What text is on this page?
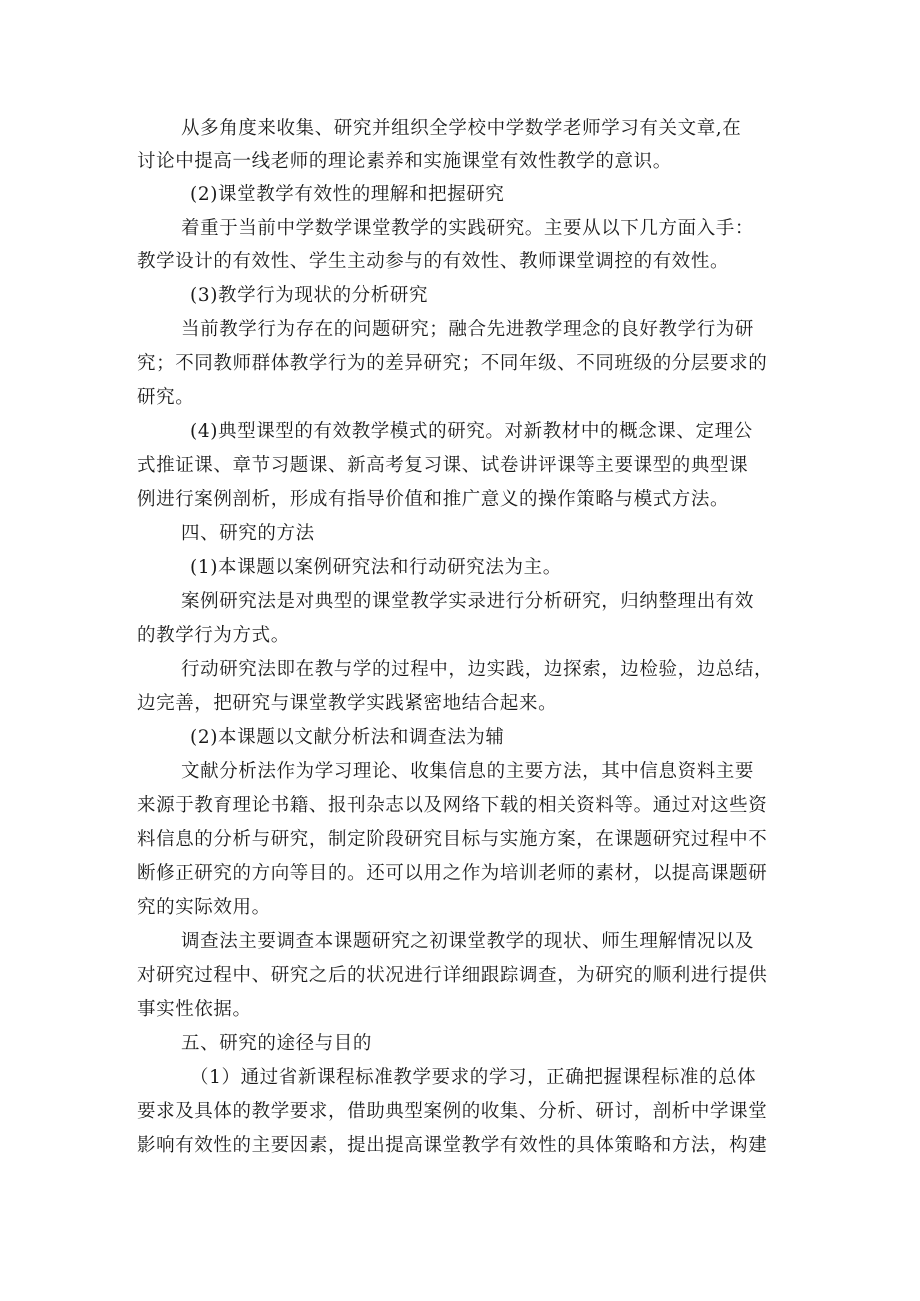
从多角度来收集、研究并组织全学校中学数学老师学习有关文章,在
讨论中提高一线老师的理论素养和实施课堂有效性教学的意识。
(2)课堂教学有效性的理解和把握研究
着重于当前中学数学课堂教学的实践研究。主要从以下几方面入手：
教学设计的有效性、学生主动参与的有效性、教师课堂调控的有效性。
(3)教学行为现状的分析研究
当前教学行为存在的问题研究；融合先进教学理念的良好教学行为研
究；不同教师群体教学行为的差异研究；不同年级、不同班级的分层要求的
研究。
(4)典型课型的有效教学模式的研究。对新教材中的概念课、定理公
式推证课、章节习题课、新高考复习课、试卷讲评课等主要课型的典型课
例进行案例剖析，形成有指导价值和推广意义的操作策略与模式方法。
四、研究的方法
(1)本课题以案例研究法和行动研究法为主。
案例研究法是对典型的课堂教学实录进行分析研究，归纳整理出有效
的教学行为方式。
行动研究法即在教与学的过程中，边实践，边探索，边检验，边总结，
边完善，把研究与课堂教学实践紧密地结合起来。
(2)本课题以文献分析法和调查法为辅
文献分析法作为学习理论、收集信息的主要方法，其中信息资料主要
来源于教育理论书籍、报刊杂志以及网络下载的相关资料等。通过对这些资
料信息的分析与研究，制定阶段研究目标与实施方案，在课题研究过程中不
断修正研究的方向等目的。还可以用之作为培训老师的素材，以提高课题研
究的实际效用。
调查法主要调查本课题研究之初课堂教学的现状、师生理解情况以及
对研究过程中、研究之后的状况进行详细跟踪调查，为研究的顺利进行提供
事实性依据。
五、研究的途径与目的
（1）通过省新课程标准教学要求的学习，正确把握课程标准的总体
要求及具体的教学要求，借助典型案例的收集、分析、研讨，剖析中学课堂
影响有效性的主要因素，提出提高课堂教学有效性的具体策略和方法，构建
